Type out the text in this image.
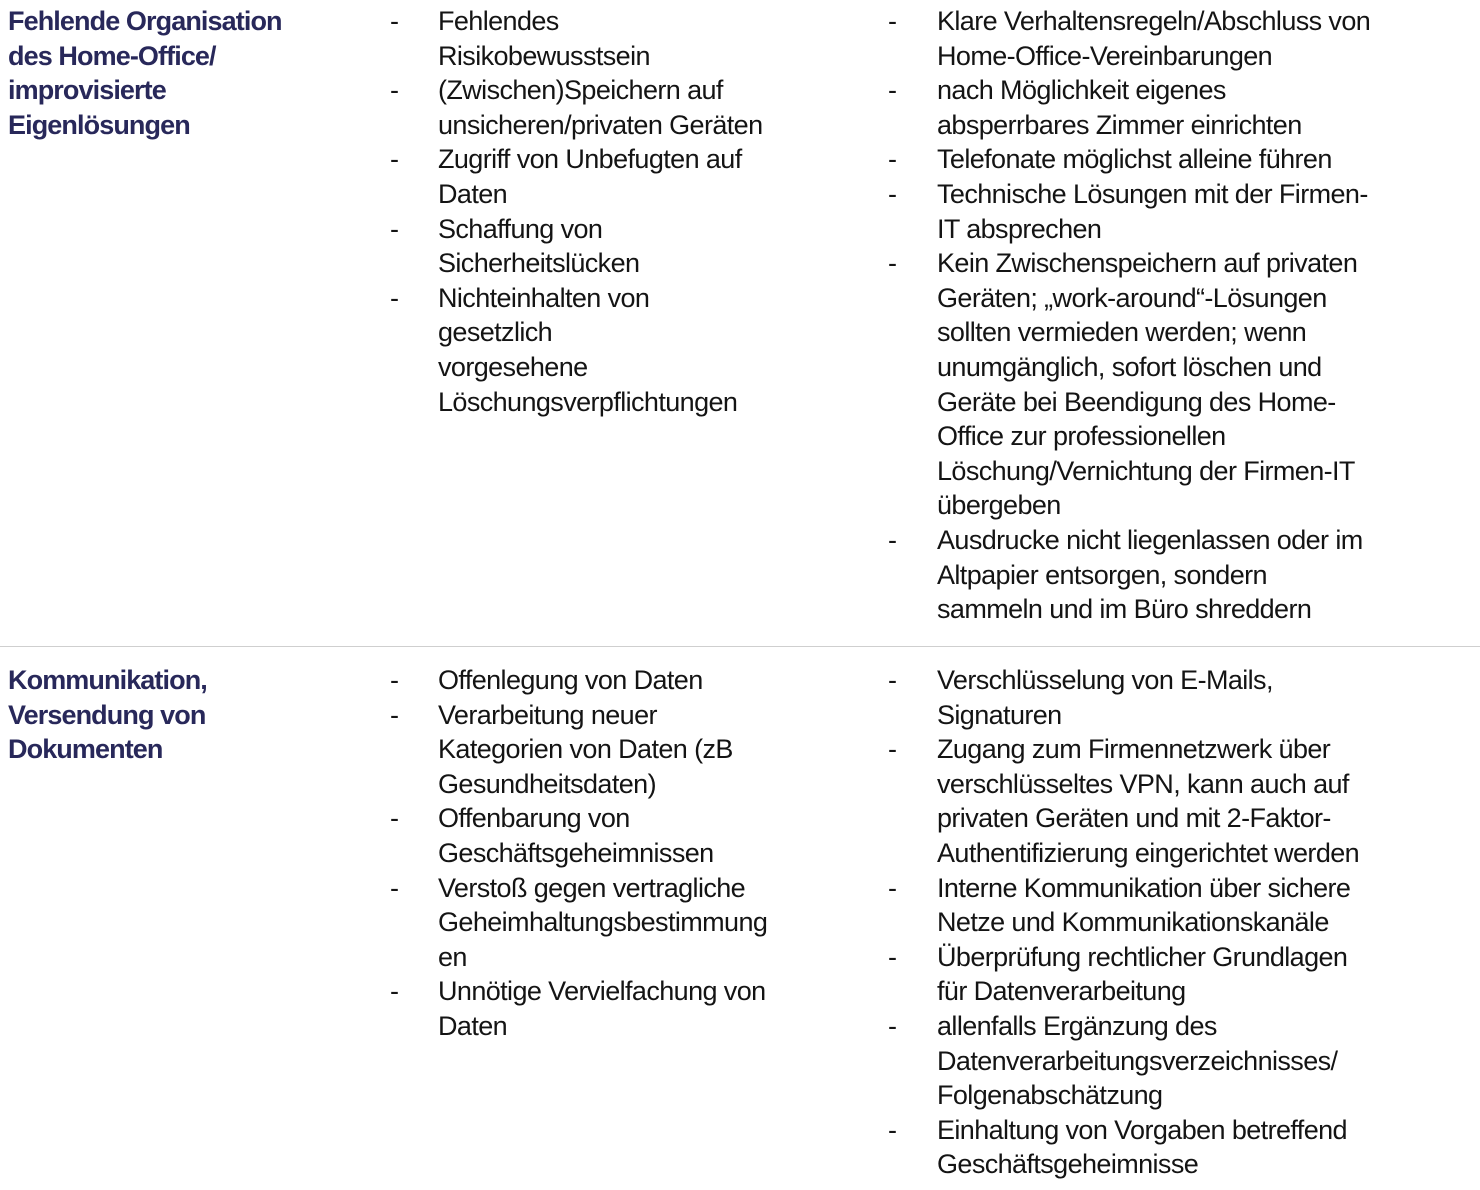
Fehlende Organisation
des Home-Office/
improvisierte
Eigenlösungen
- Fehlendes
Risikobewusstsein
- (Zwischen)Speichern auf
unsicheren/privaten Geräten
- Zugriff von Unbefugten auf
Daten
- Schaffung von
Sicherheitslücken
- Nichteinhalten von gesetzlich
vorgesehene
Löschungsverpflichtungen
- Klare Verhaltensregeln/Abschluss von
Home-Office-Vereinbarungen
- nach Möglichkeit eigenes
absperrbares Zimmer einrichten
- Telefonate möglichst alleine führen
- Technische Lösungen mit der Firmen-
IT absprechen
- Kein Zwischenspeichern auf privaten
Geräten; „work-around“-Lösungen
sollten vermieden werden; wenn
unumgänglich, sofort löschen und
Geräte bei Beendigung des Home-
Office zur professionellen
Löschung/Vernichtung der Firmen-IT
übergeben
- Ausdrucke nicht liegenlassen oder im
Altpapier entsorgen, sondern
sammeln und im Büro shreddern
Kommunikation,
Versendung von
Dokumenten
- Offenlegung von Daten
- Verarbeitung neuer
Kategorien von Daten (zB
Gesundheitsdaten)
- Offenbarung von
Geschäftsgeheimnissen
- Verstoß gegen vertragliche
Geheimhaltungsbestimmung
en
- Unnötige Vervielfachung von
Daten
- Verschlüsselung von E-Mails,
Signaturen
- Zugang zum Firmennetzwerk über
verschlüsseltes VPN, kann auch auf
privaten Geräten und mit 2-Faktor-
Authentifizierung eingerichtet werden
- Interne Kommunikation über sichere
Netze und Kommunikationskanäle
- Überprüfung rechtlicher Grundlagen
für Datenverarbeitung
- allenfalls Ergänzung des
Datenverarbeitungsverzeichnisses/
Folgenabschätzung
- Einhaltung von Vorgaben betreffend
Geschäftsgeheimnisse
